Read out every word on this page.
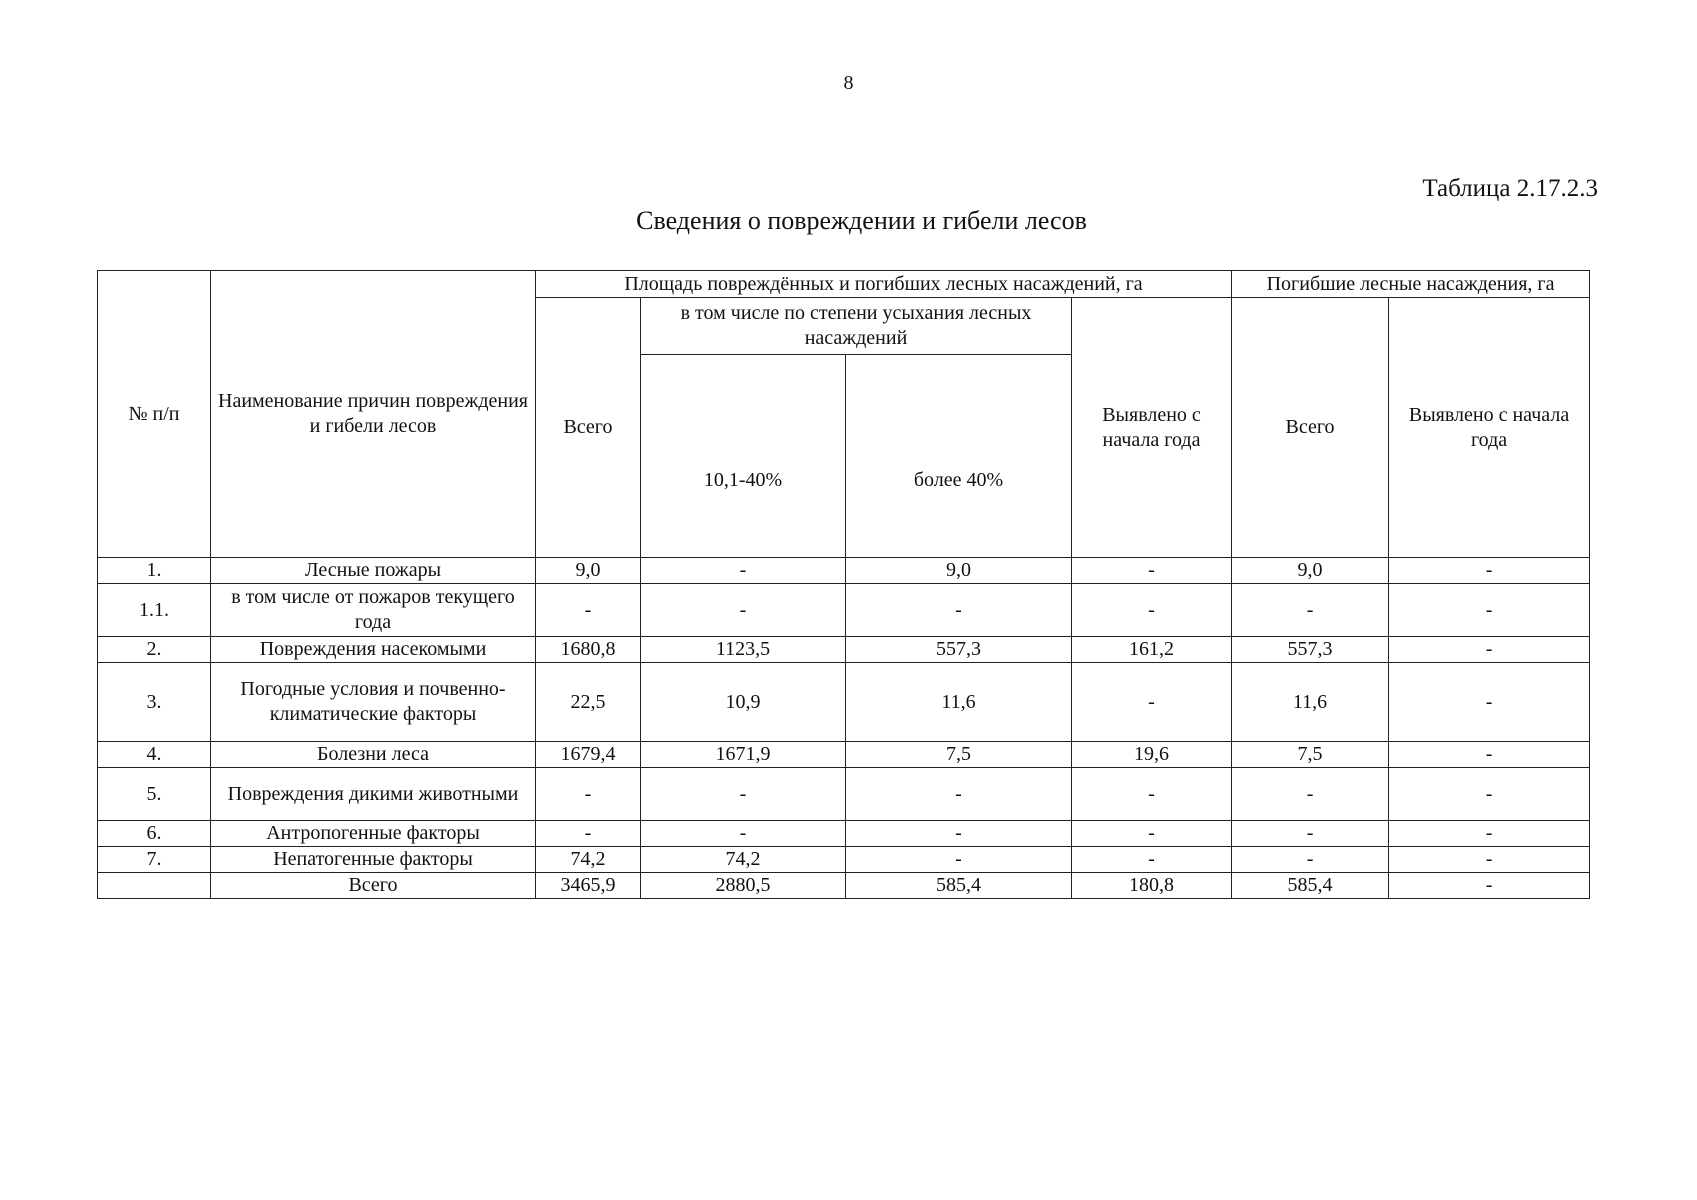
8
Таблица 2.17.2.3
Сведения о повреждении и гибели лесов
№ п/п	Наименование причин повреждения и гибели лесов	Площадь повреждённых и погибших лесных насаждений, га				Погибшие лесные насаждения, га	
		Всего	в том числе по степени усыхания лесных насаждений		Выявлено с начала года	Всего	Выявлено с начала года
			10,1-40%	более 40%			
1.	Лесные пожары	9,0	-	9,0	-	9,0	-
1.1.	в том числе от пожаров текущего года	-	-	-	-	-	-
2.	Повреждения насекомыми	1680,8	1123,5	557,3	161,2	557,3	-
3.	Погодные условия и почвенно-климатические факторы	22,5	10,9	11,6	-	11,6	-
4.	Болезни леса	1679,4	1671,9	7,5	19,6	7,5	-
5.	Повреждения дикими животными	-	-	-	-	-	-
6.	Антропогенные факторы	-	-	-	-	-	-
7.	Непатогенные факторы	74,2	74,2	-	-	-	-
	Всего	3465,9	2880,5	585,4	180,8	585,4	-
